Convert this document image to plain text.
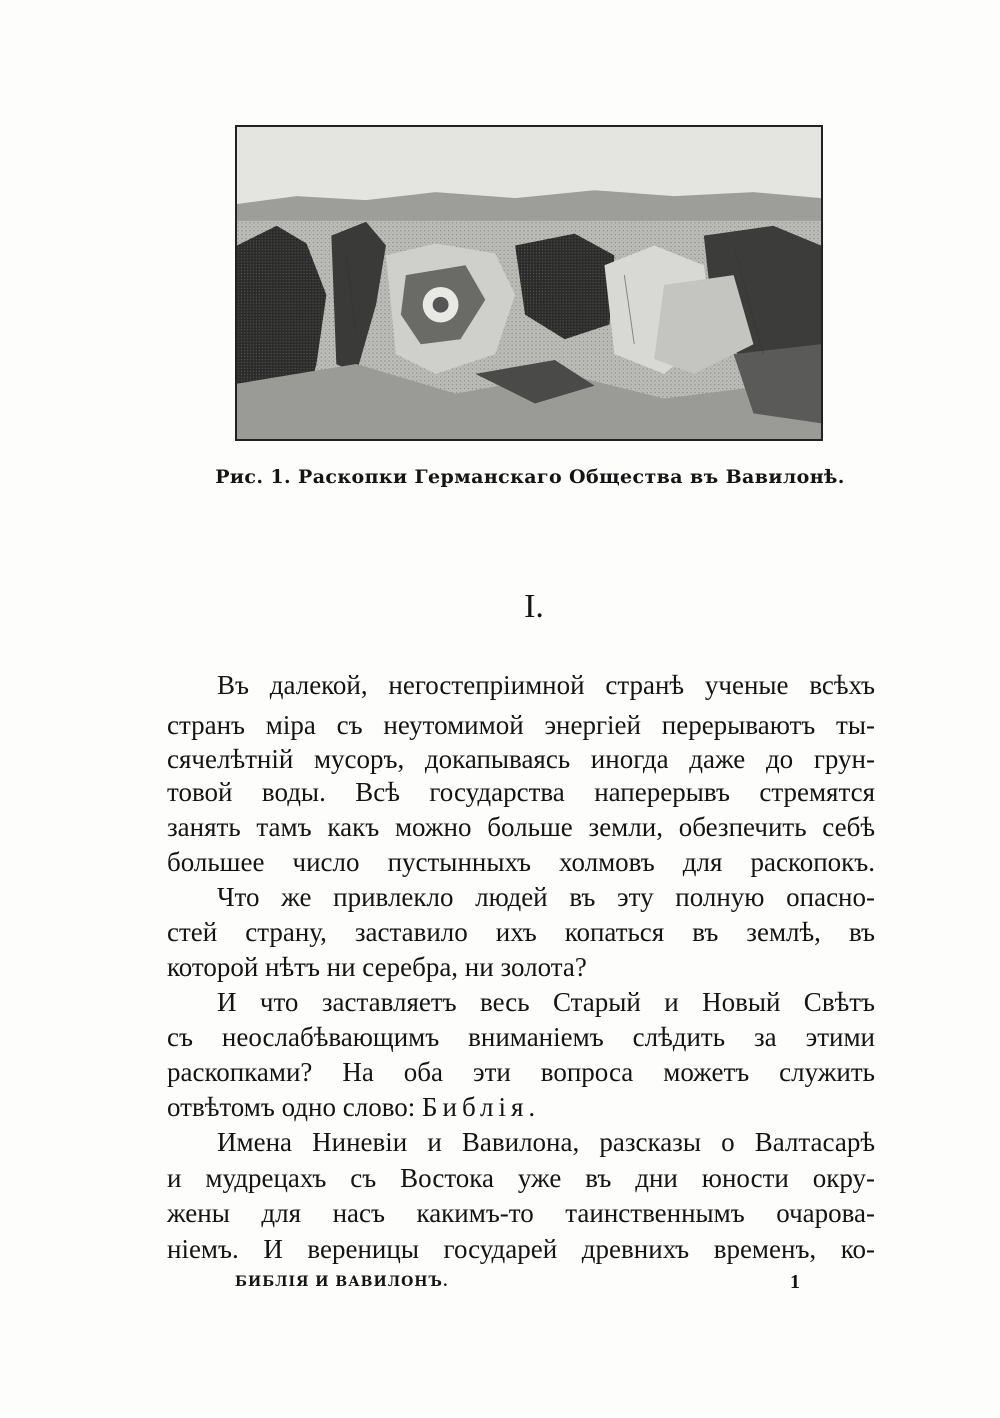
Рис. 1. Раскопки Германскаго Общества въ Вавилонѣ.
I.
Въ далекой, негостепріимной странѣ ученые всѣхъ
странъ міра съ неутомимой энергіей перерываютъ ты-
сячелѣтній мусоръ, докапываясь иногда даже до грун-
товой воды. Всѣ государства наперерывъ стремятся
занять тамъ какъ можно больше земли, обезпечить себѣ
большее число пустынныхъ холмовъ для раскопокъ.
Что же привлекло людей въ эту полную опасно-
стей страну, заставило ихъ копаться въ землѣ, въ
которой нѣтъ ни серебра, ни золота?
И что заставляетъ весь Старый и Новый Свѣтъ
съ неослабѣвающимъ вниманіемъ слѣдить за этими
раскопками? На оба эти вопроса можетъ служить
отвѣтомъ одно слово: Библія.
Имена Ниневіи и Вавилона, разсказы о Валтасарѣ
и мудрецахъ съ Востока уже въ дни юности окру-
жены для насъ какимъ-то таинственнымъ очарова-
ніемъ. И вереницы государей древнихъ временъ, ко-
БИБЛІЯ И ВАВИЛОНЪ.	1
